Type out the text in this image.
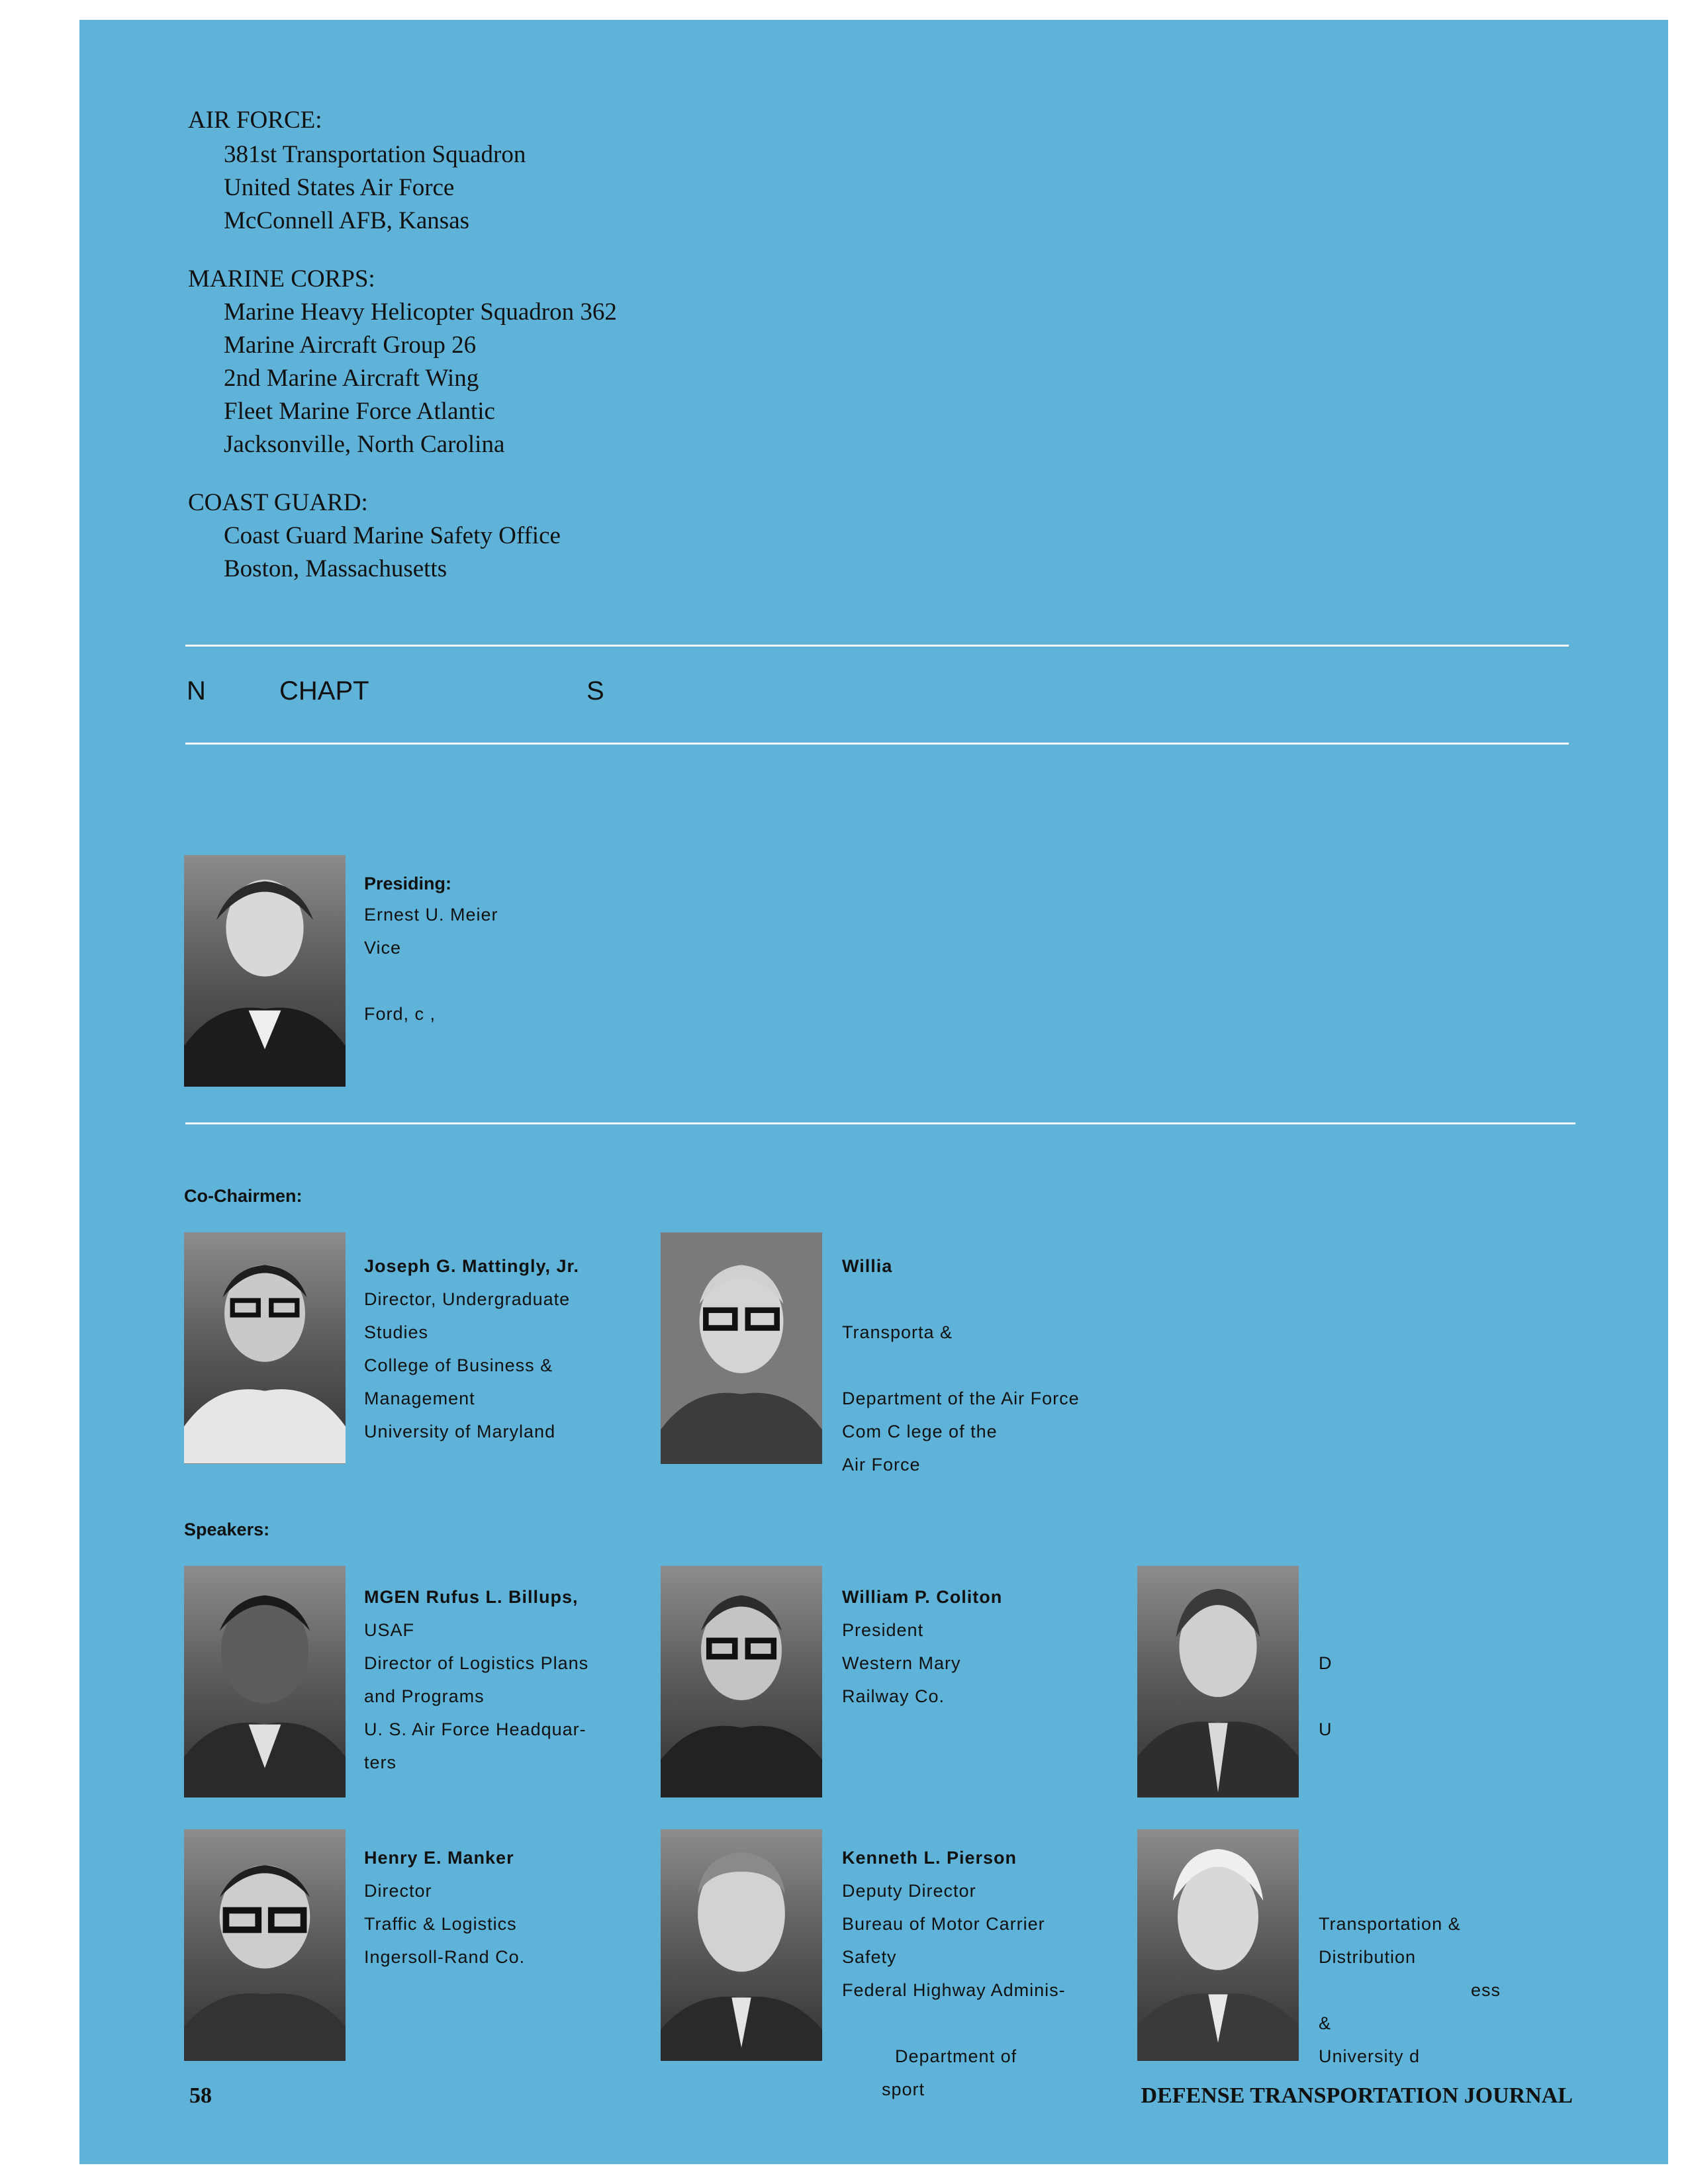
AIR FORCE:
381st Transportation Squadron
United States Air Force
McConnell AFB, Kansas
MARINE CORPS:
Marine Heavy Helicopter Squadron 362
Marine Aircraft Group 26
2nd Marine Aircraft Wing
Fleet Marine Force Atlantic
Jacksonville, North Carolina
COAST GUARD:
Coast Guard Marine Safety Office
Boston, Massachusetts
N	CHAPT	S
Presiding:
Ernest U. Meier
Vice
Ford, c ,
Co-Chairmen:
Joseph G. Mattingly, Jr.
Director, Undergraduate
Studies
College of Business &
Management
University of Maryland
Willia
Transporta &
Department of the Air Force
Com C lege of the
Air Force
Speakers:
MGEN Rufus L. Billups,
USAF
Director of Logistics Plans
and Programs
U. S. Air Force Headquar-
ters
William P. Coliton
President
Western Mary
Railway Co.
D
U
Henry E. Manker
Director
Traffic & Logistics
Ingersoll-Rand Co.
Kenneth L. Pierson
Deputy Director
Bureau of Motor Carrier
Safety
Federal Highway Adminis-
Department of
sport
Transportation &
Distribution
ess
&
University d
58	DEFENSE TRANSPORTATION JOURNAL
